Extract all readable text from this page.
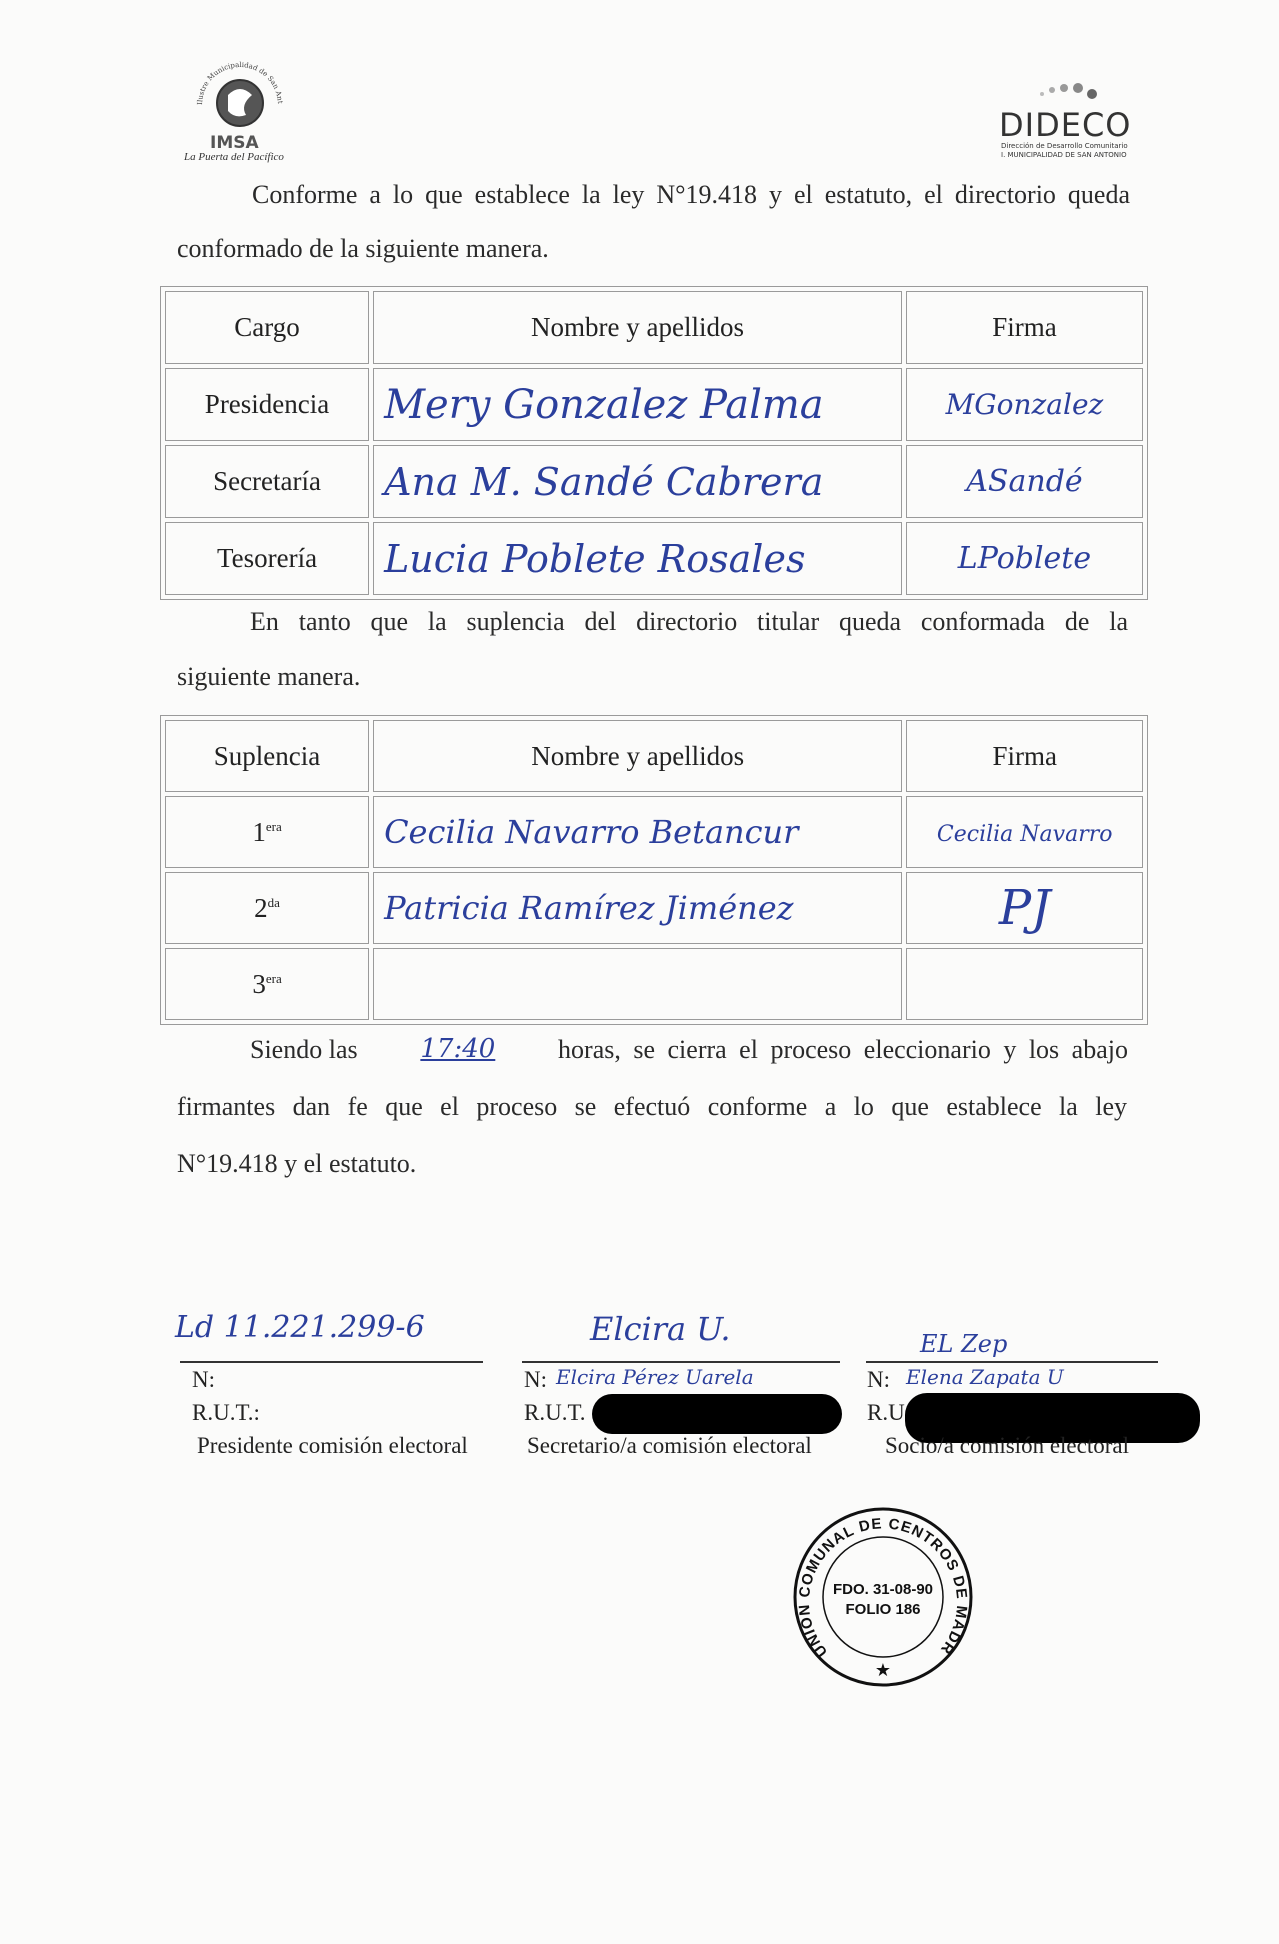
Ilustre Municipalidad de San Ant
IMSA
La Puerta del Pacífico
DIDECO
Dirección de Desarrollo Comunitario
I. MUNICIPALIDAD DE SAN ANTONIO
Conforme a lo que establece la ley N°19.418 y el estatuto, el directorio queda
conformado de la siguiente manera.
Cargo	Nombre y apellidos	Firma
Presidencia	Mery Gonzalez Palma	MGonzalez
Secretaría	Ana M. Sandé Cabrera	ASandé
Tesorería	Lucia Poblete Rosales	LPoblete
En tanto que la suplencia del directorio titular queda conformada de la
siguiente manera.
Suplencia	Nombre y apellidos	Firma
$1^{era}$	Cecilia Navarro Betancur	Cecilia Navarro
$2^{da}$	Patricia Ramírez Jiménez	PJ
$3^{era}$		
Siendo las 17:40 horas, se cierra el proceso eleccionario y los abajo
firmantes dan fe que el proceso se efectuó conforme a lo que establece la ley
N°19.418 y el estatuto.
Ld 11.221.299-6
N:
R.U.T.:
Presidente comisión electoral
Elcira U.
N: Elcira Pérez Uarela
R.U.T.
Secretario/a comisión electoral
EL Zep
N: Elena Zapata U
R.U
Socio/a comisión electoral
UNION COMUNAL DE CENTROS DE MADR
FDO. 31-08-90
FOLIO 186
★
